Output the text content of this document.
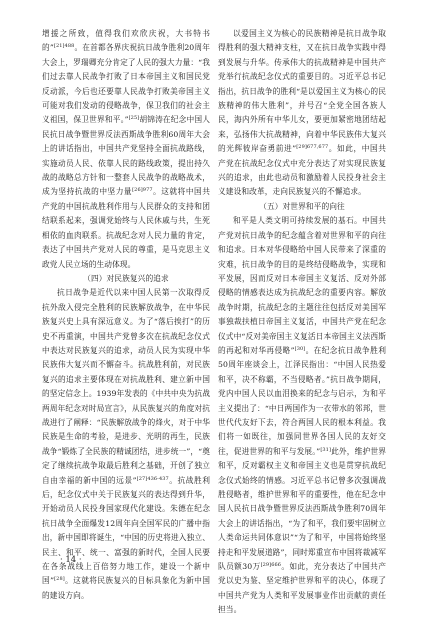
增援之所致，值得我们欢欣庆祝，大书特书的”$^{[21]488}$。在首都各界庆祝抗日战争胜利20周年大会上，罗瑞卿充分肯定了人民的强大力量：“我们过去靠人民战争打败了日本帝国主义和国民党反动派，今后也还要靠人民战争打败美帝国主义可能对我们发动的侵略战争，保卫我们的社会主义祖国，保卫世界和平。”[25]胡锦涛在纪念中国人民抗日战争暨世界反法西斯战争胜利60周年大会上的讲话指出，中国共产党坚持全面抗战路线，实施动员人民、依靠人民的路线政策，提出持久战的战略总方针和一整套人民战争的战略战术，成为坚持抗战的中坚力量$^{[26]977}$。这就将中国共产党的中国抗战胜利作用与人民群众的支持和团结联系起来，强调党始终与人民休戚与共，生死相依的血肉联系。抗战纪念对人民力量的肯定，表达了中国共产党对人民的尊重，是马克思主义政党人民立场的生动体现。

（四）对民族复兴的追求

抗日战争是近代以来中国人民第一次取得反抗外敌入侵完全胜利的民族解放战争，在中华民族复兴史上具有深远意义。为了“落后挨打”的历史不再重演，中国共产党曾多次在抗战纪念仪式中表达对民族复兴的追求，动员人民为实现中华民族伟大复兴而不懈奋斗。抗战胜利前，对民族复兴的追求主要体现在对抗战胜利、建立新中国的坚定信念上。1939年发表的《中共中央为抗战两周年纪念对时局宣言》，从民族复兴的角度对抗战进行了阐释：“民族解放战争的烽火，对于中华民族是生命的考验，是进步、光明的再生，民族战争“锻炼了全民族的精诚团结，进步统一”，“奠定了继续抗战争取最后胜利之基础，开创了独立自由幸福的新中国的远景”$^{[27]436-437}$。抗战胜利后，纪念仪式中关于民族复兴的表达得到升华，开始动员人民投身国家现代化建设。朱德在纪念抗日战争全面爆发12周年向全国军民的广播中指出，新中国即将诞生，“中国的历史将进入独立、民主、和平、统一、富强的新时代，全国人民要在各条战线上百倍努力地工作，建设一个新中国”[28]。这就将民族复兴的目标具象化为新中国的建设方向。

以爱国主义为核心的民族精神是抗日战争取得胜利的强大精神支柱，又在抗日战争实践中得到发展与升华。传承伟大的抗战精神是中国共产党举行抗战纪念仪式的重要目的。习近平总书记指出，抗日战争的胜利“是以爱国主义为核心的民族精神的伟大胜利”，并号召“全党全国各族人民，海内外所有中华儿女，要更加紧密地团结起来，弘扬伟大抗战精神，向着中华民族伟大复兴的光辉彼岸奋勇前进”$^{[29]677,677}$。如此，中国共产党在抗战纪念仪式中充分表达了对实现民族复兴的追求，由此也动员和激励着人民投身社会主义建设和改革，走向民族复兴的不懈追求。

（五）对世界和平的向往

和平是人类文明可持续发展的基石。中国共产党对抗日战争的纪念蕴含着对世界和平的向往和追求。日本对华侵略给中国人民带来了深重的灾难，抗日战争的目的是终结侵略战争，实现和平发展，因而反对日本帝国主义复活、反对外部侵略的情感表达成为抗战纪念的重要内容。解放战争时期，抗战纪念的主题往往包括反对美国军事独裁扶植日帝国主义复活，中国共产党在纪念仪式中“反对美帝国主义复活日本帝国主义法西斯的再起和对华再侵略”[30]。在纪念抗日战争胜利50周年座谈会上，江泽民指出：“中国人民热爱和平，决不称霸，不当侵略者。”抗日战争期间，党内中国人民以血泪换来的纪念与启示，为和平主义提出了：“中日两国作为一衣带水的邻邦，世世代代友好下去，符合两国人民的根本利益。我们将一如既往，加强同世界各国人民的友好交往，促进世界的和平与发展。”[31]此外，维护世界和平，反对霸权主义和帝国主义也是贯穿抗战纪念仪式始终的情感。习近平总书记曾多次强调战胜侵略者，维护世界和平的重要性，他在纪念中国人民抗日战争暨世界反法西斯战争胜利70周年大会上的讲话指出，“为了和平，我们要牢固树立人类命运共同体意识”“为了和平，中国将始终坚持走和平发展道路”，同时郑重宣布中国将裁减军队员额30万$^{[29]666}$。如此，充分表达了中国共产党以史为鉴、坚定维护世界和平的决心，体现了中国共产党为人类和平发展事业作出贡献的责任担当。

· 14 ·
